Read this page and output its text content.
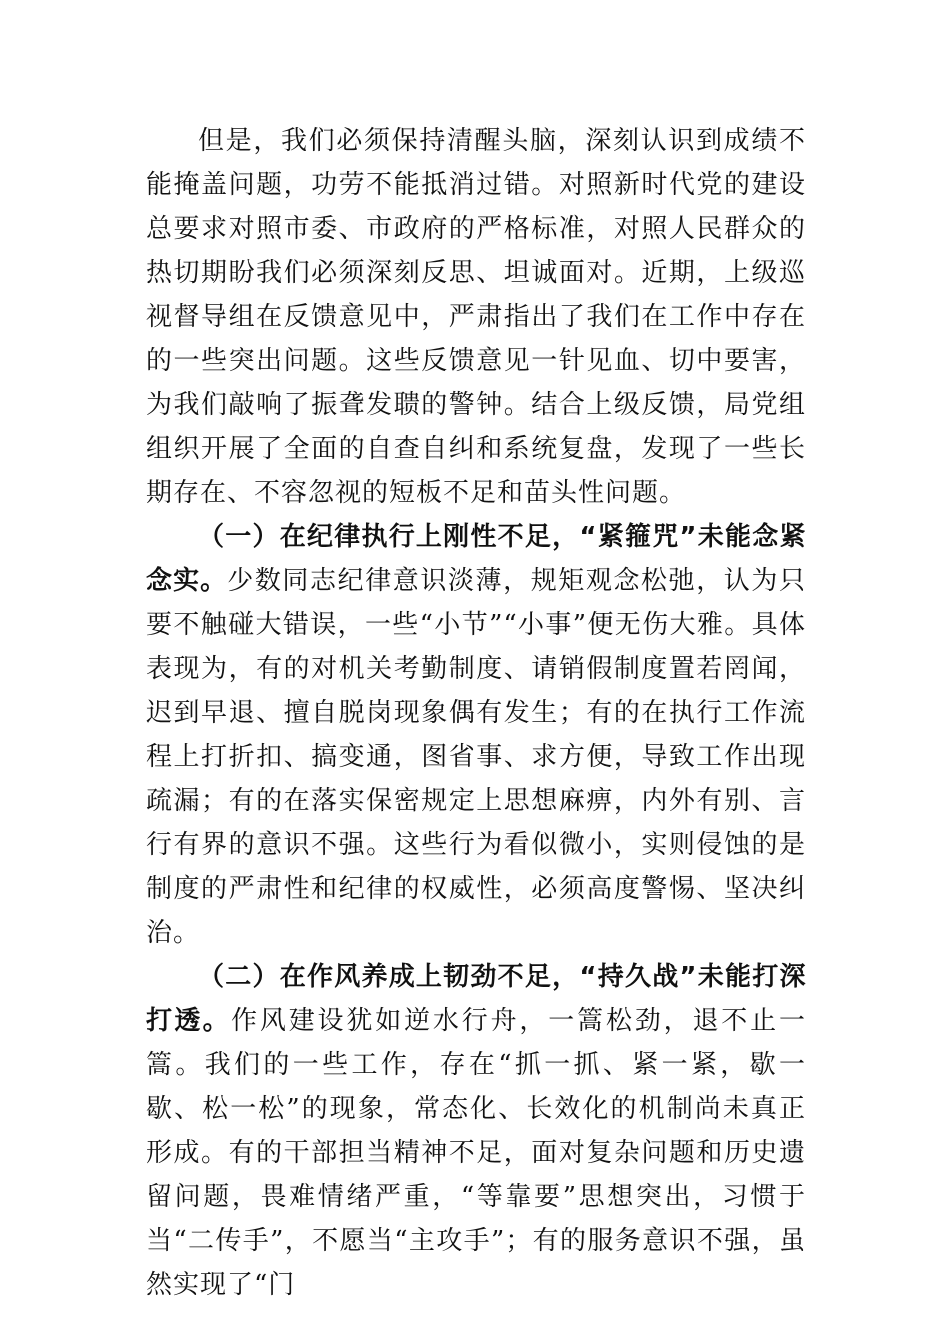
但是，我们必须保持清醒头脑，深刻认识到成绩不能掩盖问题，功劳不能抵消过错。对照新时代党的建设总要求对照市委、市政府的严格标准，对照人民群众的热切期盼我们必须深刻反思、坦诚面对。近期，上级巡视督导组在反馈意见中，严肃指出了我们在工作中存在的一些突出问题。这些反馈意见一针见血、切中要害，为我们敲响了振聋发聩的警钟。结合上级反馈，局党组组织开展了全面的自查自纠和系统复盘，发现了一些长期存在、不容忽视的短板不足和苗头性问题。

（一）在纪律执行上刚性不足，“紧箍咒”未能念紧念实。少数同志纪律意识淡薄，规矩观念松弛，认为只要不触碰大错误，一些“小节”“小事”便无伤大雅。具体表现为，有的对机关考勤制度、请销假制度置若罔闻，迟到早退、擅自脱岗现象偶有发生；有的在执行工作流程上打折扣、搞变通，图省事、求方便，导致工作出现疏漏；有的在落实保密规定上思想麻痹，内外有别、言行有界的意识不强。这些行为看似微小，实则侵蚀的是制度的严肃性和纪律的权威性，必须高度警惕、坚决纠治。

（二）在作风养成上韧劲不足，“持久战”未能打深打透。作风建设犹如逆水行舟，一篙松劲，退不止一篙。我们的一些工作，存在“抓一抓、紧一紧，歇一歇、松一松”的现象，常态化、长效化的机制尚未真正形成。有的干部担当精神不足，面对复杂问题和历史遗留问题，畏难情绪严重，“等靠要”思想突出，习惯于当“二传手”，不愿当“主攻手”；有的服务意识不强，虽然实现了“门
